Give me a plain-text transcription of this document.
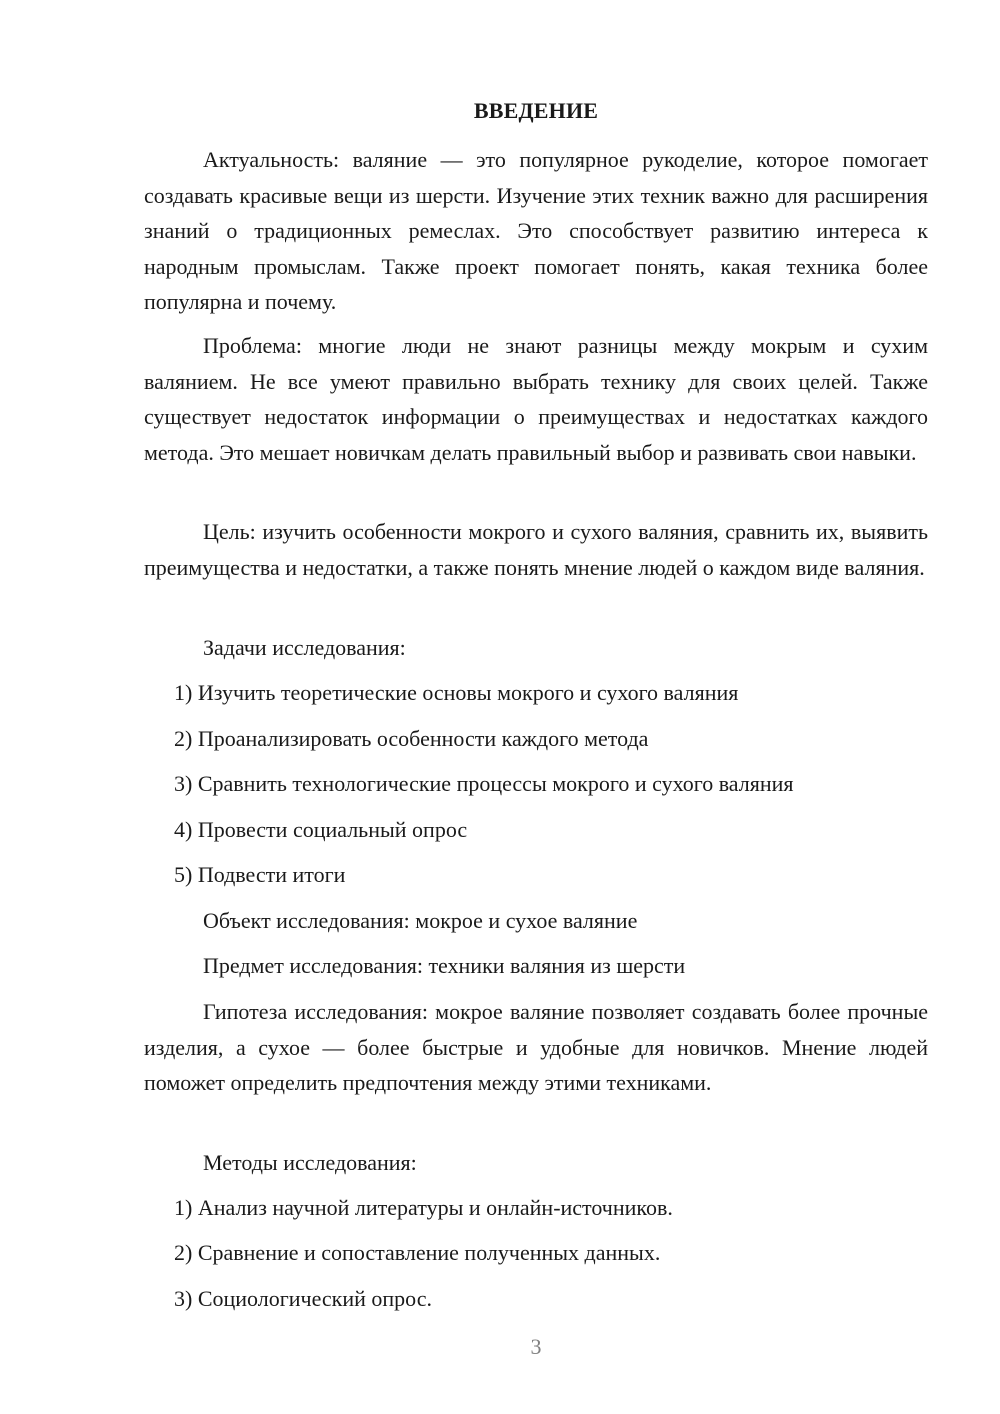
ВВЕДЕНИЕ

Актуальность: валяние — это популярное рукоделие, которое помогает создавать красивые вещи из шерсти. Изучение этих техник важно для расширения знаний о традиционных ремеслах. Это способствует развитию интереса к народным промыслам. Также проект помогает понять, какая техника более популярна и почему.

Проблема: многие люди не знают разницы между мокрым и сухим валянием. Не все умеют правильно выбрать технику для своих целей. Также существует недостаток информации о преимуществах и недостатках каждого метода. Это мешает новичкам делать правильный выбор и развивать свои навыки.

Цель: изучить особенности мокрого и сухого валяния, сравнить их, выявить преимущества и недостатки, а также понять мнение людей о каждом виде валяния.

Задачи исследования:
1) Изучить теоретические основы мокрого и сухого валяния
2) Проанализировать особенности каждого метода
3) Сравнить технологические процессы мокрого и сухого валяния
4) Провести социальный опрос
5) Подвести итоги
Объект исследования: мокрое и сухое валяние
Предмет исследования: техники валяния из шерсти

Гипотеза исследования: мокрое валяние позволяет создавать более прочные изделия, а сухое — более быстрые и удобные для новичков. Мнение людей поможет определить предпочтения между этими техниками.

Методы исследования:
1) Анализ научной литературы и онлайн-источников.
2) Сравнение и сопоставление полученных данных.
3) Социологический опрос.
3
